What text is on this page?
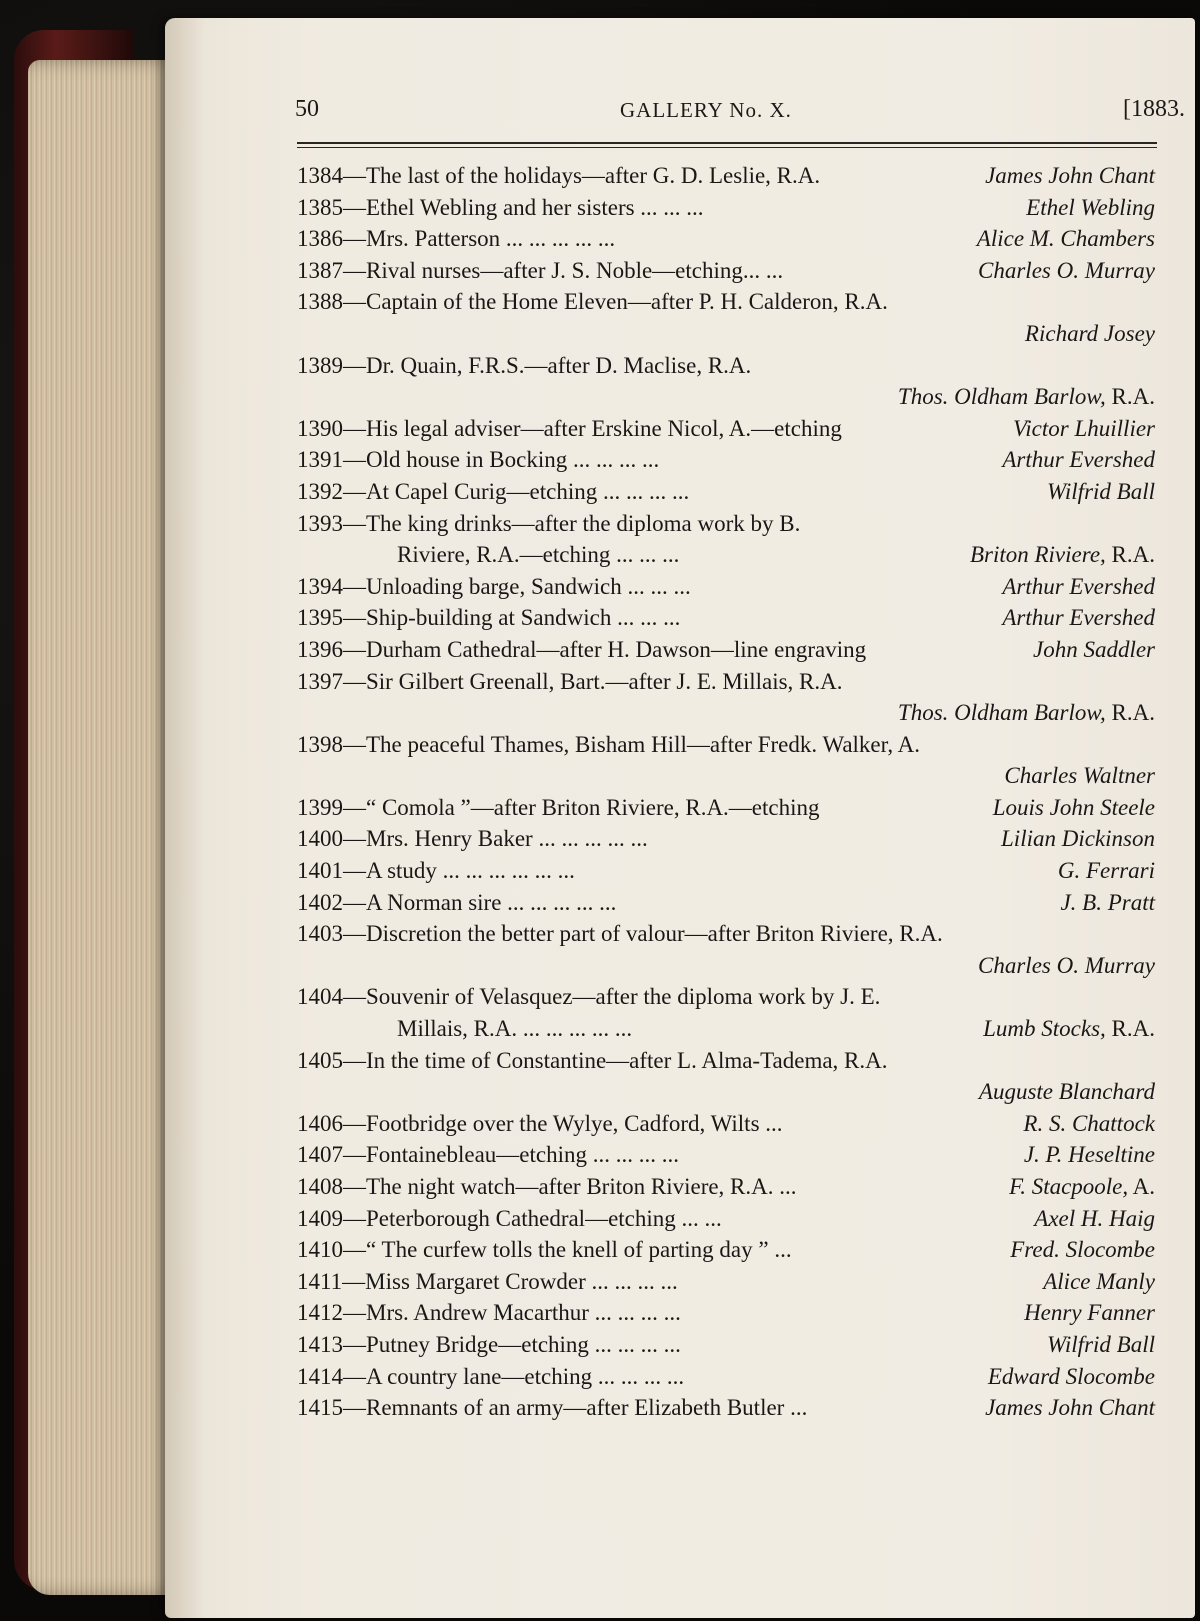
50	GALLERY No. X.	[1883.
1384—The last of the holidays—after G. D. Leslie, R.A.	James John Chant
1385—Ethel Webling and her sisters ... ... ...	Ethel Webling
1386—Mrs. Patterson ... ... ... ... ...	Alice M. Chambers
1387—Rival nurses—after J. S. Noble—etching... ...	Charles O. Murray
1388—Captain of the Home Eleven—after P. H. Calderon, R.A.
Richard Josey
1389—Dr. Quain, F.R.S.—after D. Maclise, R.A.
Thos. Oldham Barlow, R.A.
1390—His legal adviser—after Erskine Nicol, A.—etching	Victor Lhuillier
1391—Old house in Bocking ... ... ... ...	Arthur Evershed
1392—At Capel Curig—etching ... ... ... ...	Wilfrid Ball
1393—The king drinks—after the diploma work by B.
Riviere, R.A.—etching ... ... ...	Briton Riviere, R.A.
1394—Unloading barge, Sandwich ... ... ...	Arthur Evershed
1395—Ship-building at Sandwich ... ... ...	Arthur Evershed
1396—Durham Cathedral—after H. Dawson—line engraving	John Saddler
1397—Sir Gilbert Greenall, Bart.—after J. E. Millais, R.A.
Thos. Oldham Barlow, R.A.
1398—The peaceful Thames, Bisham Hill—after Fredk. Walker, A.
Charles Waltner
1399—“ Comola ”—after Briton Riviere, R.A.—etching	Louis John Steele
1400—Mrs. Henry Baker ... ... ... ... ...	Lilian Dickinson
1401—A study ... ... ... ... ... ...	G. Ferrari
1402—A Norman sire ... ... ... ... ...	J. B. Pratt
1403—Discretion the better part of valour—after Briton Riviere, R.A.
Charles O. Murray
1404—Souvenir of Velasquez—after the diploma work by J. E.
Millais, R.A. ... ... ... ... ...	Lumb Stocks, R.A.
1405—In the time of Constantine—after L. Alma-Tadema, R.A.
Auguste Blanchard
1406—Footbridge over the Wylye, Cadford, Wilts ...	R. S. Chattock
1407—Fontainebleau—etching ... ... ... ...	J. P. Heseltine
1408—The night watch—after Briton Riviere, R.A. ...	F. Stacpoole, A.
1409—Peterborough Cathedral—etching ... ...	Axel H. Haig
1410—“ The curfew tolls the knell of parting day ” ...	Fred. Slocombe
1411—Miss Margaret Crowder ... ... ... ...	Alice Manly
1412—Mrs. Andrew Macarthur ... ... ... ...	Henry Fanner
1413—Putney Bridge—etching ... ... ... ...	Wilfrid Ball
1414—A country lane—etching ... ... ... ...	Edward Slocombe
1415—Remnants of an army—after Elizabeth Butler ...	James John Chant
